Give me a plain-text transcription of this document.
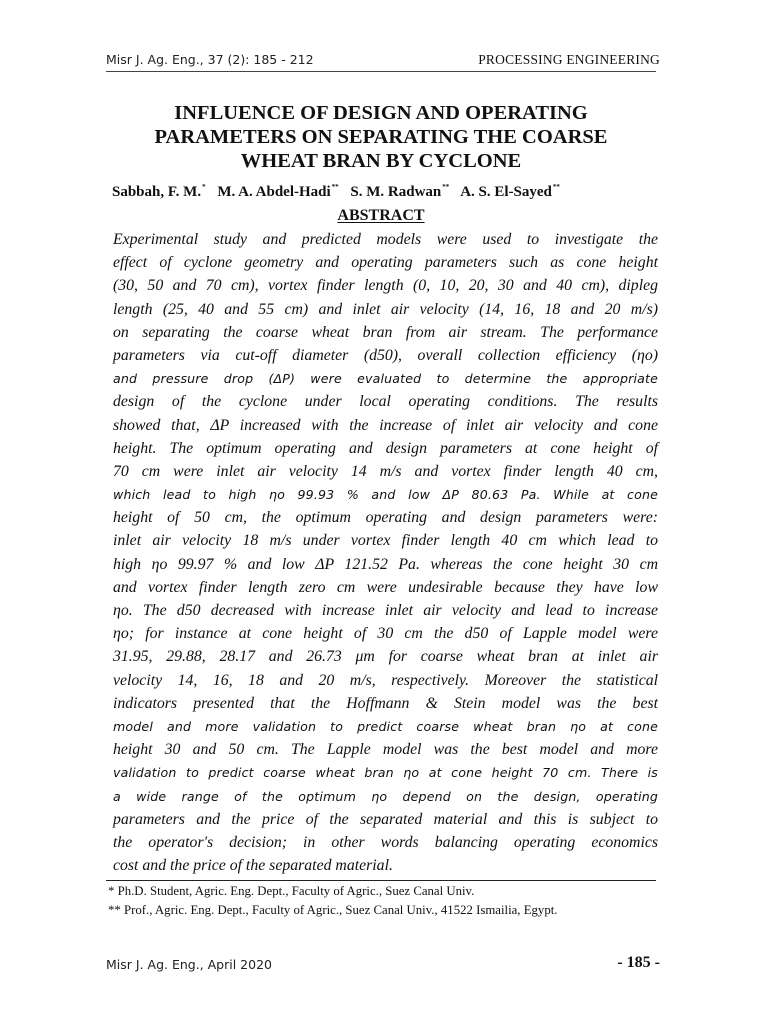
Misr J. Ag. Eng., 37 (2): 185 - 212	PROCESSING ENGINEERING
INFLUENCE OF DESIGN AND OPERATING
PARAMETERS ON SEPARATING THE COARSE
WHEAT BRAN BY CYCLONE
Sabbah, F. M.* M. A. Abdel-Hadi** S. M. Radwan** A. S. El-Sayed**
ABSTRACT
Experimental study and predicted models were used to investigate the
effect of cyclone geometry and operating parameters such as cone height
(30, 50 and 70 cm), vortex finder length (0, 10, 20, 30 and 40 cm), dipleg
length (25, 40 and 55 cm) and inlet air velocity (14, 16, 18 and 20 m/s)
on separating the coarse wheat bran from air stream. The performance
parameters via cut-off diameter (d50), overall collection efficiency (ηo)
and pressure drop (ΔP) were evaluated to determine the appropriate
design of the cyclone under local operating conditions. The results
showed that, ΔP increased with the increase of inlet air velocity and cone
height. The optimum operating and design parameters at cone height of
70 cm were inlet air velocity 14 m/s and vortex finder length 40 cm,
which lead to high ηo 99.93 % and low ΔP 80.63 Pa. While at cone
height of 50 cm, the optimum operating and design parameters were:
inlet air velocity 18 m/s under vortex finder length 40 cm which lead to
high ηo 99.97 % and low ΔP 121.52 Pa. whereas the cone height 30 cm
and vortex finder length zero cm were undesirable because they have low
ηo. The d50 decreased with increase inlet air velocity and lead to increase
ηo; for instance at cone height of 30 cm the d50 of Lapple model were
31.95, 29.88, 28.17 and 26.73 μm for coarse wheat bran at inlet air
velocity 14, 16, 18 and 20 m/s, respectively. Moreover the statistical
indicators presented that the Hoffmann & Stein model was the best
model and more validation to predict coarse wheat bran ηo at cone
height 30 and 50 cm. The Lapple model was the best model and more
validation to predict coarse wheat bran ηo at cone height 70 cm. There is
a wide range of the optimum ηo depend on the design, operating
parameters and the price of the separated material and this is subject to
the operator's decision; in other words balancing operating economics
cost and the price of the separated material.
* Ph.D. Student, Agric. Eng. Dept., Faculty of Agric., Suez Canal Univ.
** Prof., Agric. Eng. Dept., Faculty of Agric., Suez Canal Univ., 41522 Ismailia, Egypt.
Misr J. Ag. Eng., April 2020	- 185 -
